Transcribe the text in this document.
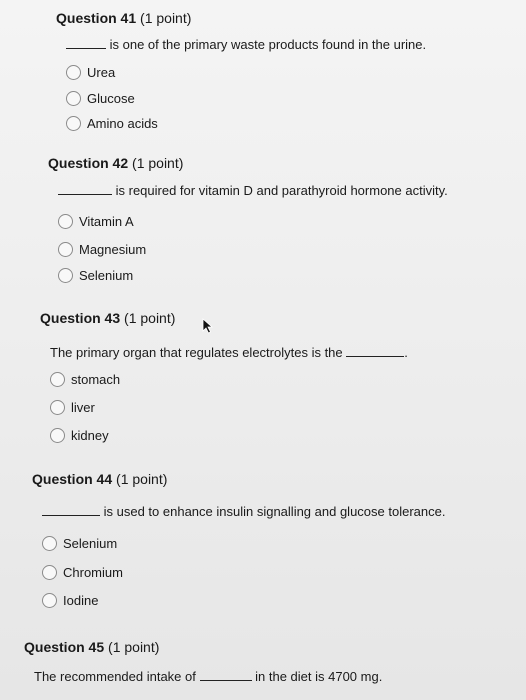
Question 41 (1 point)
is one of the primary waste products found in the urine.
Urea
Glucose
Amino acids
Question 42 (1 point)
is required for vitamin D and parathyroid hormone activity.
Vitamin A
Magnesium
Selenium
Question 43 (1 point)
The primary organ that regulates electrolytes is the	.
stomach
liver
kidney
Question 44 (1 point)
is used to enhance insulin signalling and glucose tolerance.
Selenium
Chromium
Iodine
Question 45 (1 point)
The recommended intake of	in the diet is 4700 mg.
